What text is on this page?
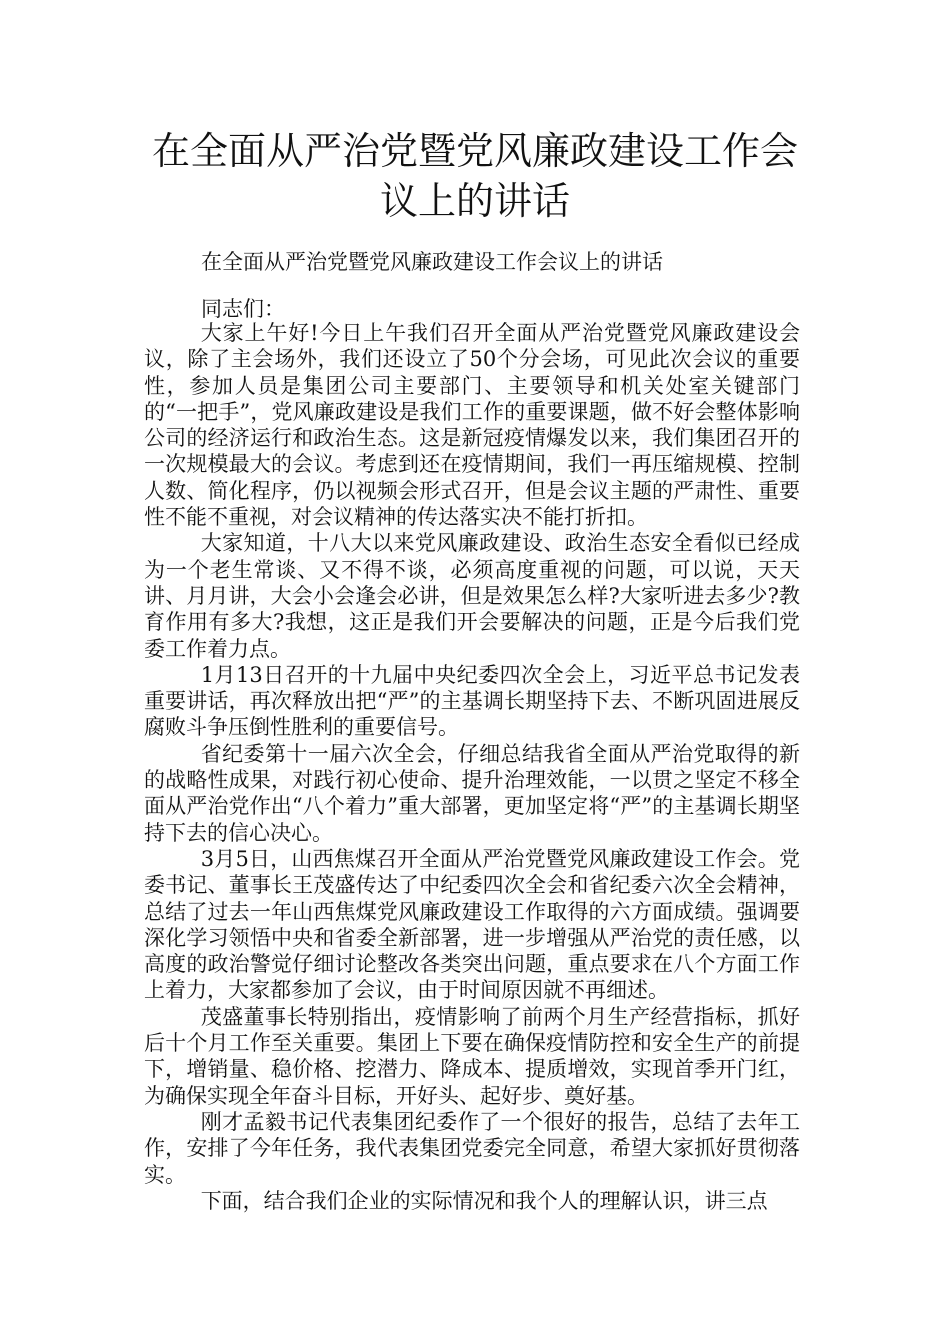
在全面从严治党暨党风廉政建设工作会议上的讲话

在全面从严治党暨党风廉政建设工作会议上的讲话

同志们：

大家上午好!今日上午我们召开全面从严治党暨党风廉政建设会议，除了主会场外，我们还设立了50个分会场，可见此次会议的重要性，参加人员是集团公司主要部门、主要领导和机关处室关键部门的“一把手”，党风廉政建设是我们工作的重要课题，做不好会整体影响公司的经济运行和政治生态。这是新冠疫情爆发以来，我们集团召开的一次规模最大的会议。考虑到还在疫情期间，我们一再压缩规模、控制人数、简化程序，仍以视频会形式召开，但是会议主题的严肃性、重要性不能不重视，对会议精神的传达落实决不能打折扣。

大家知道，十八大以来党风廉政建设、政治生态安全看似已经成为一个老生常谈、又不得不谈，必须高度重视的问题，可以说，天天讲、月月讲，大会小会逢会必讲，但是效果怎么样?大家听进去多少?教育作用有多大?我想，这正是我们开会要解决的问题，正是今后我们党委工作着力点。

1月13日召开的十九届中央纪委四次全会上，习近平总书记发表重要讲话，再次释放出把“严”的主基调长期坚持下去、不断巩固进展反腐败斗争压倒性胜利的重要信号。

省纪委第十一届六次全会，仔细总结我省全面从严治党取得的新的战略性成果，对践行初心使命、提升治理效能，一以贯之坚定不移全面从严治党作出“八个着力”重大部署，更加坚定将“严”的主基调长期坚持下去的信心决心。

3月5日，山西焦煤召开全面从严治党暨党风廉政建设工作会。党委书记、董事长王茂盛传达了中纪委四次全会和省纪委六次全会精神，总结了过去一年山西焦煤党风廉政建设工作取得的六方面成绩。强调要深化学习领悟中央和省委全新部署，进一步增强从严治党的责任感，以高度的政治警觉仔细讨论整改各类突出问题，重点要求在八个方面工作上着力，大家都参加了会议，由于时间原因就不再细述。

茂盛董事长特别指出，疫情影响了前两个月生产经营指标，抓好后十个月工作至关重要。集团上下要在确保疫情防控和安全生产的前提下，增销量、稳价格、挖潜力、降成本、提质增效，实现首季开门红，为确保实现全年奋斗目标，开好头、起好步、奠好基。

刚才孟毅书记代表集团纪委作了一个很好的报告，总结了去年工作，安排了今年任务，我代表集团党委完全同意，希望大家抓好贯彻落实。

下面，结合我们企业的实际情况和我个人的理解认识，讲三点
